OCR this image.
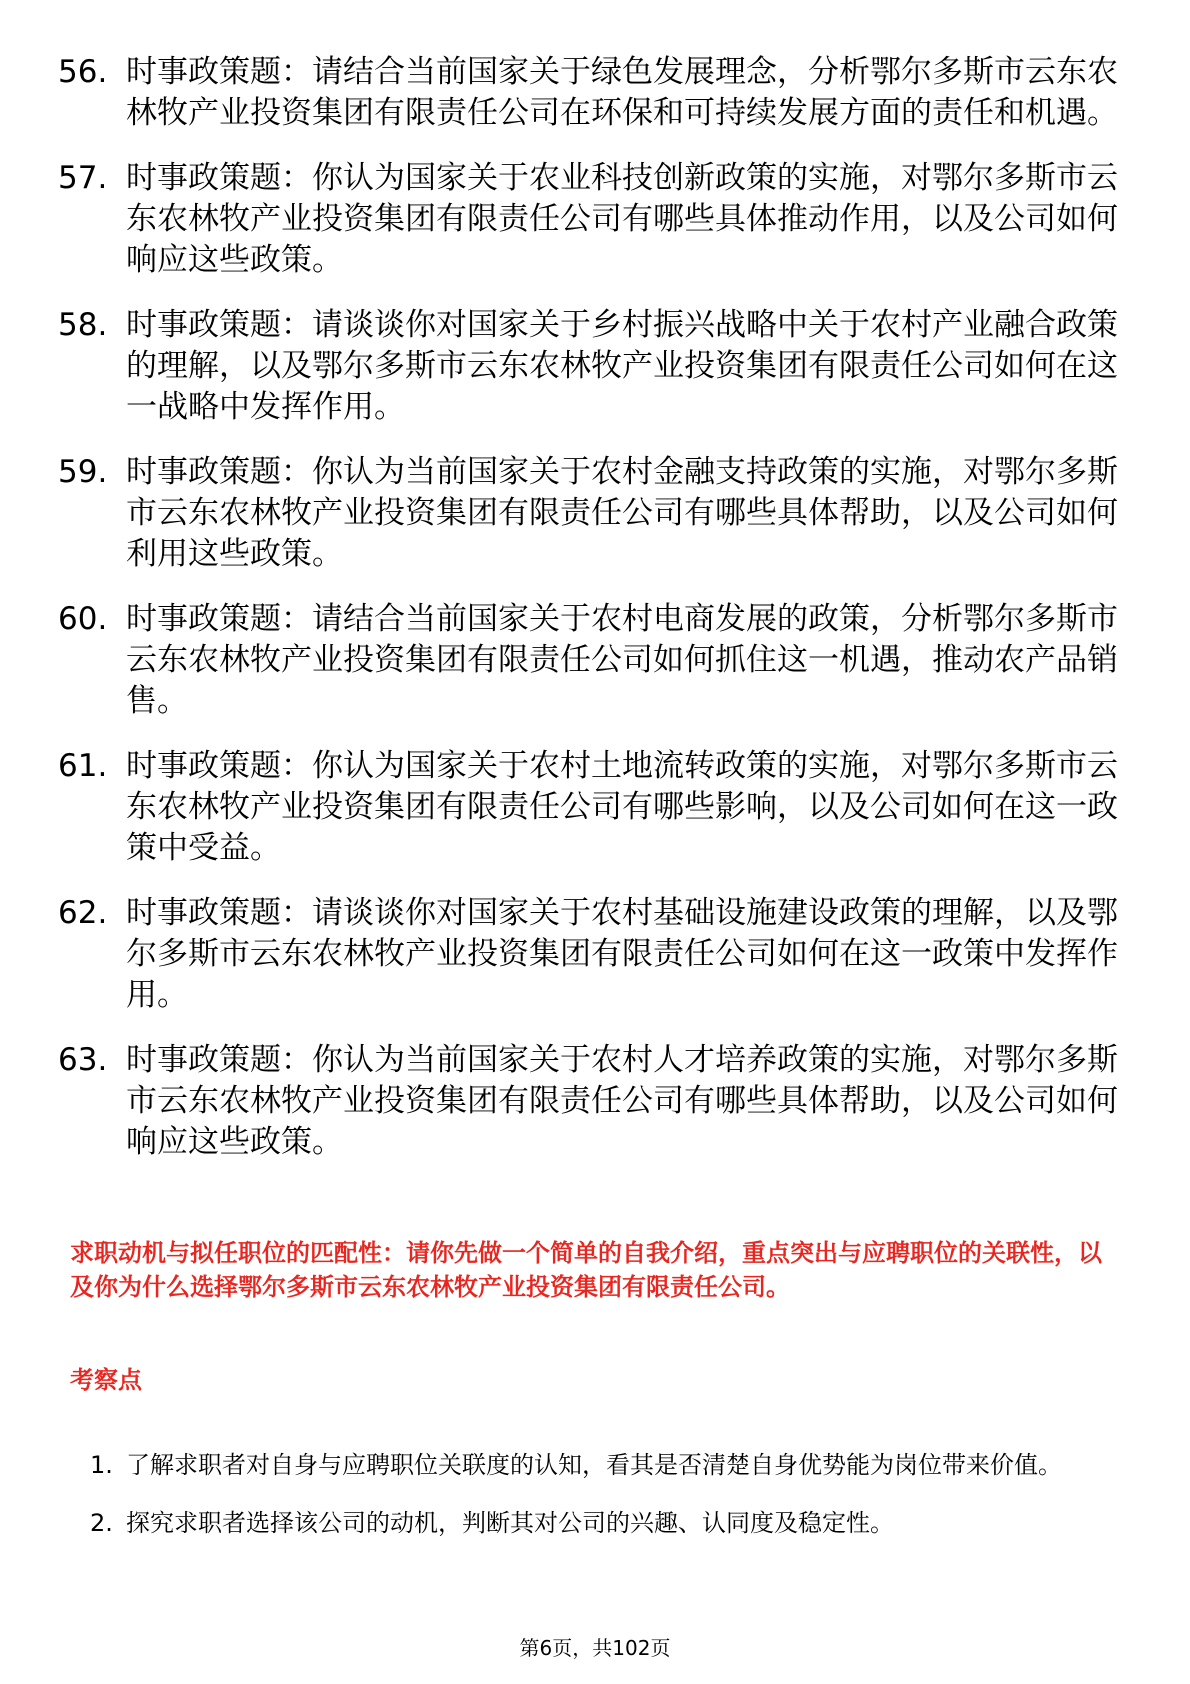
56. 时事政策题：请结合当前国家关于绿色发展理念，分析鄂尔多斯市云东农林牧产业投资集团有限责任公司在环保和可持续发展方面的责任和机遇。
57. 时事政策题：你认为国家关于农业科技创新政策的实施，对鄂尔多斯市云东农林牧产业投资集团有限责任公司有哪些具体推动作用，以及公司如何响应这些政策。
58. 时事政策题：请谈谈你对国家关于乡村振兴战略中关于农村产业融合政策的理解，以及鄂尔多斯市云东农林牧产业投资集团有限责任公司如何在这一战略中发挥作用。
59. 时事政策题：你认为当前国家关于农村金融支持政策的实施，对鄂尔多斯市云东农林牧产业投资集团有限责任公司有哪些具体帮助，以及公司如何利用这些政策。
60. 时事政策题：请结合当前国家关于农村电商发展的政策，分析鄂尔多斯市云东农林牧产业投资集团有限责任公司如何抓住这一机遇，推动农产品销售。
61. 时事政策题：你认为国家关于农村土地流转政策的实施，对鄂尔多斯市云东农林牧产业投资集团有限责任公司有哪些影响，以及公司如何在这一政策中受益。
62. 时事政策题：请谈谈你对国家关于农村基础设施建设政策的理解，以及鄂尔多斯市云东农林牧产业投资集团有限责任公司如何在这一政策中发挥作用。
63. 时事政策题：你认为当前国家关于农村人才培养政策的实施，对鄂尔多斯市云东农林牧产业投资集团有限责任公司有哪些具体帮助，以及公司如何响应这些政策。
求职动机与拟任职位的匹配性：请你先做一个简单的自我介绍，重点突出与应聘职位的关联性，以及你为什么选择鄂尔多斯市云东农林牧产业投资集团有限责任公司。
考察点
1. 了解求职者对自身与应聘职位关联度的认知，看其是否清楚自身优势能为岗位带来价值。
2. 探究求职者选择该公司的动机，判断其对公司的兴趣、认同度及稳定性。
第6页，共102页
